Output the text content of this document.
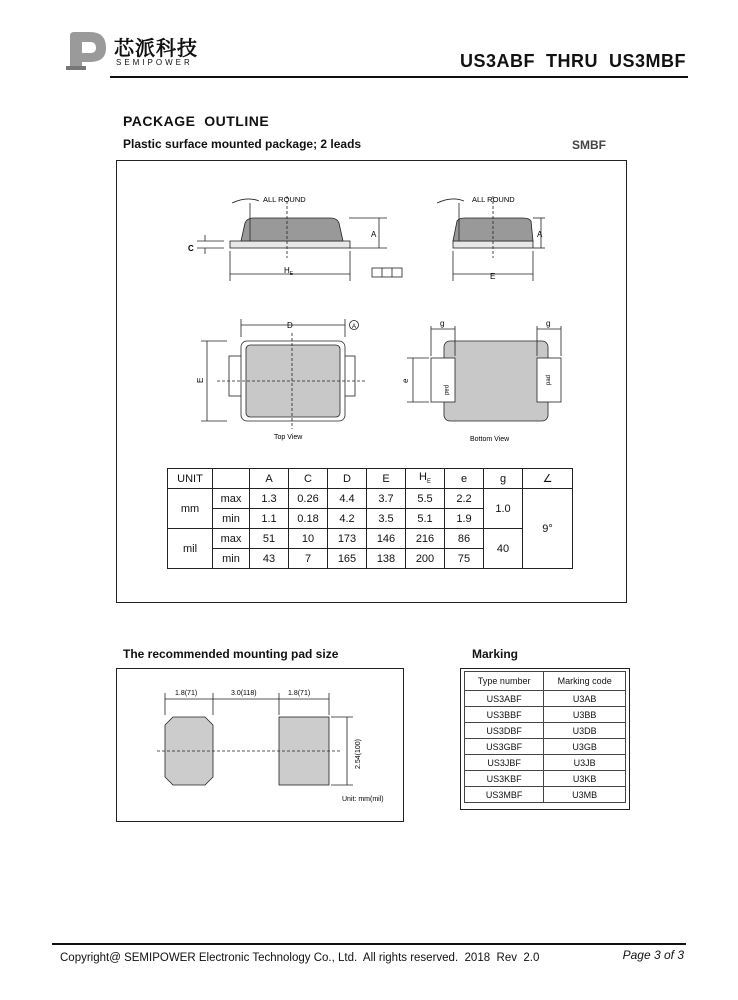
芯派科技
SEMIPOWER	US3ABF  THRU  US3MBF
PACKAGE  OUTLINE
Plastic surface mounted package; 2 leads	SMBF
ALL ROUND
C
A
$H_E$
ALL ROUND
A
E
D	A
E
Top View
g	g
e
pad
pad
Bottom View
UNIT		A	C	D	E	$H_E$	e	g	∠
mm	max	1.3	0.26	4.4	3.7	5.5	2.2	1.0	9°
	min	1.1	0.18	4.2	3.5	5.1	1.9		
mil	max	51	10	173	146	216	86	40	
	min	43	7	165	138	200	75		
The recommended mounting pad size
1.8(71)	3.0(118)	1.8(71)
2.54(100)
Unit: mm(mil)
Marking
Type number	Marking code
US3ABF	U3AB
US3BBF	U3BB
US3DBF	U3DB
US3GBF	U3GB
US3JBF	U3JB
US3KBF	U3KB
US3MBF	U3MB
Copyright@ SEMIPOWER Electronic Technology Co., Ltd.  All rights reserved.  2018  Rev  2.0	Page 3 of 3
